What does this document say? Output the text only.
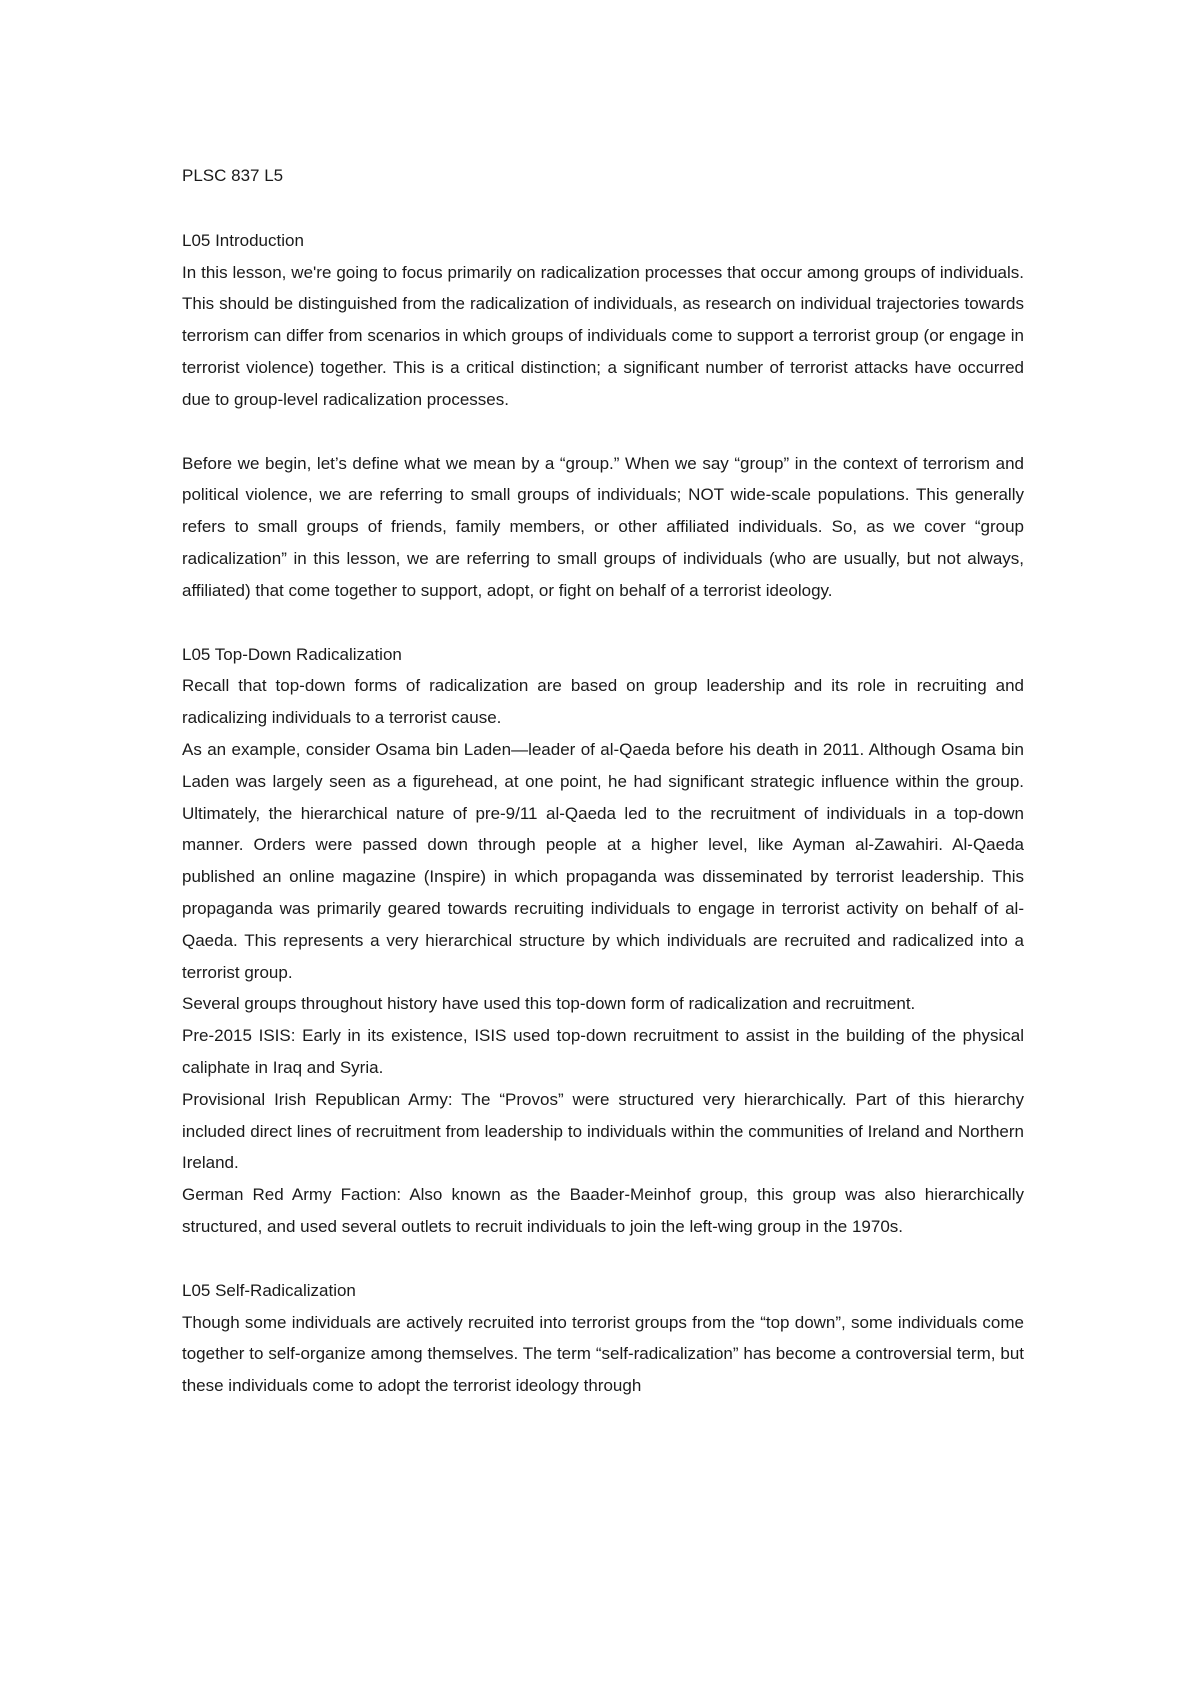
PLSC 837 L5
L05 Introduction

In this lesson, we're going to focus primarily on radicalization processes that occur among groups of individuals. This should be distinguished from the radicalization of individuals, as research on individual trajectories towards terrorism can differ from scenarios in which groups of individuals come to support a terrorist group (or engage in terrorist violence) together. This is a critical distinction; a significant number of terrorist attacks have occurred due to group-level radicalization processes.

Before we begin, let’s define what we mean by a “group.” When we say “group” in the context of terrorism and political violence, we are referring to small groups of individuals; NOT wide-scale populations. This generally refers to small groups of friends, family members, or other affiliated individuals. So, as we cover “group radicalization” in this lesson, we are referring to small groups of individuals (who are usually, but not always, affiliated) that come together to support, adopt, or fight on behalf of a terrorist ideology.

L05 Top-Down Radicalization

Recall that top-down forms of radicalization are based on group leadership and its role in recruiting and radicalizing individuals to a terrorist cause.

As an example, consider Osama bin Laden—leader of al-Qaeda before his death in 2011. Although Osama bin Laden was largely seen as a figurehead, at one point, he had significant strategic influence within the group. Ultimately, the hierarchical nature of pre-9/11 al-Qaeda led to the recruitment of individuals in a top-down manner. Orders were passed down through people at a higher level, like Ayman al-Zawahiri. Al-Qaeda published an online magazine (Inspire) in which propaganda was disseminated by terrorist leadership. This propaganda was primarily geared towards recruiting individuals to engage in terrorist activity on behalf of al-Qaeda. This represents a very hierarchical structure by which individuals are recruited and radicalized into a terrorist group.

Several groups throughout history have used this top-down form of radicalization and recruitment.

Pre-2015 ISIS: Early in its existence, ISIS used top-down recruitment to assist in the building of the physical caliphate in Iraq and Syria.

Provisional Irish Republican Army: The “Provos” were structured very hierarchically. Part of this hierarchy included direct lines of recruitment from leadership to individuals within the communities of Ireland and Northern Ireland.

German Red Army Faction: Also known as the Baader-Meinhof group, this group was also hierarchically structured, and used several outlets to recruit individuals to join the left-wing group in the 1970s.

L05 Self-Radicalization

Though some individuals are actively recruited into terrorist groups from the “top down”, some individuals come together to self-organize among themselves. The term “self-radicalization” has become a controversial term, but these individuals come to adopt the terrorist ideology through
